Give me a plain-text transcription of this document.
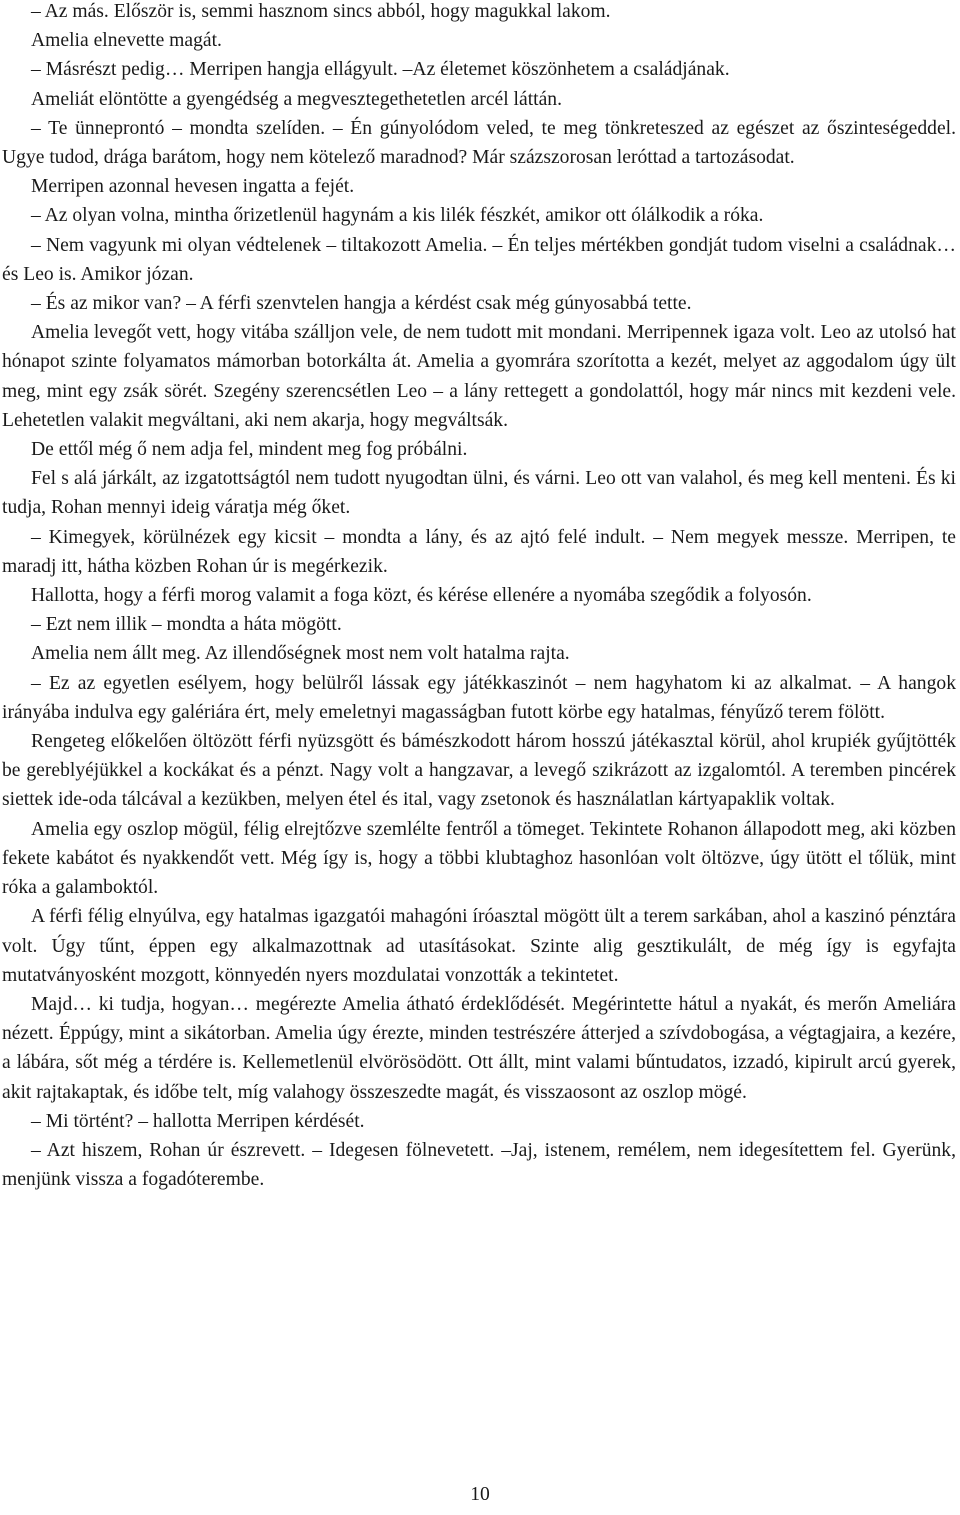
– Az más. Először is, semmi hasznom sincs abból, hogy magukkal lakom.

Amelia elnevette magát.

– Másrészt pedig… Merripen hangja ellágyult. –Az életemet köszönhetem a családjának.

Ameliát elöntötte a gyengédség a megvesztegethetetlen arcél láttán.

– Te ünneprontó – mondta szelíden. – Én gúnyolódom veled, te meg tönkreteszed az egészet az őszinteségeddel. Ugye tudod, drága barátom, hogy nem kötelező maradnod? Már százszorosan leróttad a tartozásodat.

Merripen azonnal hevesen ingatta a fejét.

– Az olyan volna, mintha őrizetlenül hagynám a kis lilék fészkét, amikor ott ólálkodik a róka.

– Nem vagyunk mi olyan védtelenek – tiltakozott Amelia. – Én teljes mértékben gondját tudom viselni a családnak… és Leo is. Amikor józan.

– És az mikor van? – A férfi szenvtelen hangja a kérdést csak még gúnyosabbá tette.

Amelia levegőt vett, hogy vitába szálljon vele, de nem tudott mit mondani. Merripennek igaza volt. Leo az utolsó hat hónapot szinte folyamatos mámorban botorkálta át. Amelia a gyomrára szorította a kezét, melyet az aggodalom úgy ült meg, mint egy zsák sörét. Szegény szerencsétlen Leo – a lány rettegett a gondolattól, hogy már nincs mit kezdeni vele. Lehetetlen valakit megváltani, aki nem akarja, hogy megváltsák.

De ettől még ő nem adja fel, mindent meg fog próbálni.

Fel s alá járkált, az izgatottságtól nem tudott nyugodtan ülni, és várni. Leo ott van valahol, és meg kell menteni. És ki tudja, Rohan mennyi ideig váratja még őket.

– Kimegyek, körülnézek egy kicsit – mondta a lány, és az ajtó felé indult. – Nem megyek messze. Merripen, te maradj itt, hátha közben Rohan úr is megérkezik.

Hallotta, hogy a férfi morog valamit a foga közt, és kérése ellenére a nyomába szegődik a folyosón.

– Ezt nem illik – mondta a háta mögött.

Amelia nem állt meg. Az illendőségnek most nem volt hatalma rajta.

– Ez az egyetlen esélyem, hogy belülről lássak egy játékkaszinót – nem hagyhatom ki az alkalmat. – A hangok irányába indulva egy galériára ért, mely emeletnyi magasságban futott körbe egy hatalmas, fényűző terem fölött.

Rengeteg előkelően öltözött férfi nyüzsgött és bámészkodott három hosszú játékasztal körül, ahol krupiék gyűjtötték be gereblyéjükkel a kockákat és a pénzt. Nagy volt a hangzavar, a levegő szikrázott az izgalomtól. A teremben pincérek siettek ide-oda tálcával a kezükben, melyen étel és ital, vagy zsetonok és használatlan kártyapaklik voltak.

Amelia egy oszlop mögül, félig elrejtőzve szemlélte fentről a tömeget. Tekintete Rohanon állapodott meg, aki közben fekete kabátot és nyakkendőt vett. Még így is, hogy a többi klubtaghoz hasonlóan volt öltözve, úgy ütött el tőlük, mint róka a galamboktól.

A férfi félig elnyúlva, egy hatalmas igazgatói mahagóni íróasztal mögött ült a terem sarkában, ahol a kaszinó pénztára volt. Úgy tűnt, éppen egy alkalmazottnak ad utasításokat. Szinte alig gesztikulált, de még így is egyfajta mutatványosként mozgott, könnyedén nyers mozdulatai vonzották a tekintetet.

Majd… ki tudja, hogyan… megérezte Amelia átható érdeklődését. Megérintette hátul a nyakát, és merőn Ameliára nézett. Éppúgy, mint a sikátorban. Amelia úgy érezte, minden testrészére átterjed a szívdobogása, a végtagjaira, a kezére, a lábára, sőt még a térdére is. Kellemetlenül elvörösödött. Ott állt, mint valami bűntudatos, izzadó, kipirult arcú gyerek, akit rajtakaptak, és időbe telt, míg valahogy összeszedte magát, és visszaosont az oszlop mögé.

– Mi történt? – hallotta Merripen kérdését.

– Azt hiszem, Rohan úr észrevett. – Idegesen fölnevetett. –Jaj, istenem, remélem, nem idegesítettem fel. Gyerünk, menjünk vissza a fogadóterembe.

10
